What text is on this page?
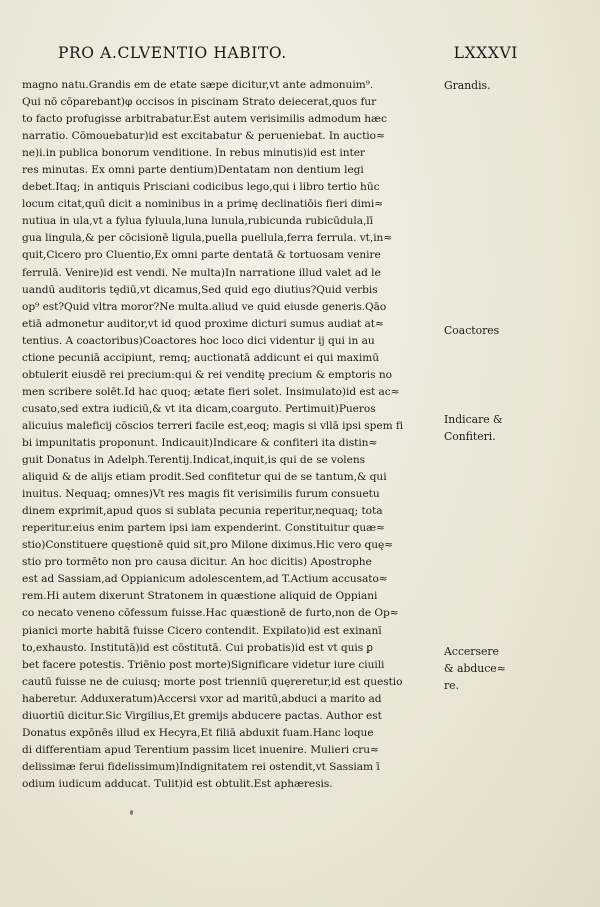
PRO A.CLVENTIO HABITO.	LXXXVI
magno natu.Grandis em de etate sæpe dicitur,vt ante admonuim⁹.
Qui nō cōparebant)φ occisos in piscinam Strato deiecerat,quos fur
to facto profugisse arbitrabatur.Est autem verisimilis admodum hæc
narratio. Cōmouebatur)id est excitabatur & perueniebat. In auctio≈
ne)i.in publica bonorum venditione. In rebus minutis)id est inter
res minutas. Ex omni parte dentium)Dentatam non dentium legi
debet.Itaq; in antiquis Prisciani codicibus lego,qui i libro tertio hūc
locum citat,quū dicit a nominibus in a primę declinatiōis fieri dimi≈
nutiua in ula,vt a fylua fyluula,luna lunula,rubicunda rubicūdula,lī
gua lingula,& per cōcisionē ligula,puella puellula,ferra ferrula. vt,in≈
quit,Cicero pro Cluentio,Ex omni parte dentatā & tortuosam venire
ferrulā. Venire)id est vendi. Ne multa)In narratione illud valet ad le
uandū auditoris tędiū,vt dicamus,Sed quid ego diutius?Quid verbis
op⁹ est?Quid vltra moror?Ne multa.aliud ve quid eiusde generis.Qāo
etiā admonetur auditor,vt id quod proxime dicturi sumus audiat at≈
tentius. A coactoribus)Coactores hoc loco dici videntur ij qui in au
ctione pecuniā accipiunt, remq; auctionatā addicunt ei qui maximū
obtulerit eiusdē rei precium:qui & rei venditę precium & emptoris no
men scribere solēt.Id hac quoq; ætate fieri solet. Insimulato)id est ac≈
cusato,sed extra iudiciū,& vt ita dicam,coarguto. Pertimuit)Pueros
alicuius maleficij cōscios terreri facile est,eoq; magis si vllā ipsi spem fi
bi impunitatis proponunt. Indicauit)Indicare & confiteri ita distin≈
guit Donatus in Adelph.Terentij.Indicat,inquit,is qui de se volens
aliquid & de alijs etiam prodit.Sed confitetur qui de se tantum,& qui
inuitus. Nequaq; omnes)Vt res magis fit verisimilis furum consuetu
dinem exprimit,apud quos si sublata pecunia reperitur,nequaq; tota
reperitur.eius enim partem ipsi iam expenderint. Constituitur quæ≈
stio)Constituere quęstionē quid sit,pro Milone diximus.Hic vero quę≈
stio pro tormēto non pro causa dicitur. An hoc dicitis) Apostrophe
est ad Sassiam,ad Oppianicum adolescentem,ad T.Actium accusato≈
rem.Hi autem dixerunt Stratonem in quæstione aliquid de Oppiani
co necato veneno cōfessum fuisse.Hac quæstionē de furto,non de Op≈
pianici morte habitā fuisse Cicero contendit. Expilato)id est exinanī
to,exhausto. Institutā)id est cōstitutā. Cui probatis)id est vt quis ꝑ
bet facere potestis. Triēnio post morte)Significare videtur iure ciuili
cautū fuisse ne de cuiusq; morte post trienniū quęreretur,id est questio
haberetur. Adduxeratum)Accersi vxor ad maritū,abduci a marito ad
diuortiū dicitur.Sic Virgilius,Et gremijs abducere pactas. Author est
Donatus expōnēs illud ex Hecyra,Et filiā abduxit fuam.Hanc loque
di differentiam apud Terentium passim licet inuenire. Mulieri cru≈
delissimæ ferui fidelissimum)Indignitatem rei ostendit,vt Sassiam ī
odium iudicum adducat. Tulit)id est obtulit.Est aphæresis.
Grandis.
Coactores
Indicare &
Confiteri.
Accersere
& abduce≈
re.
